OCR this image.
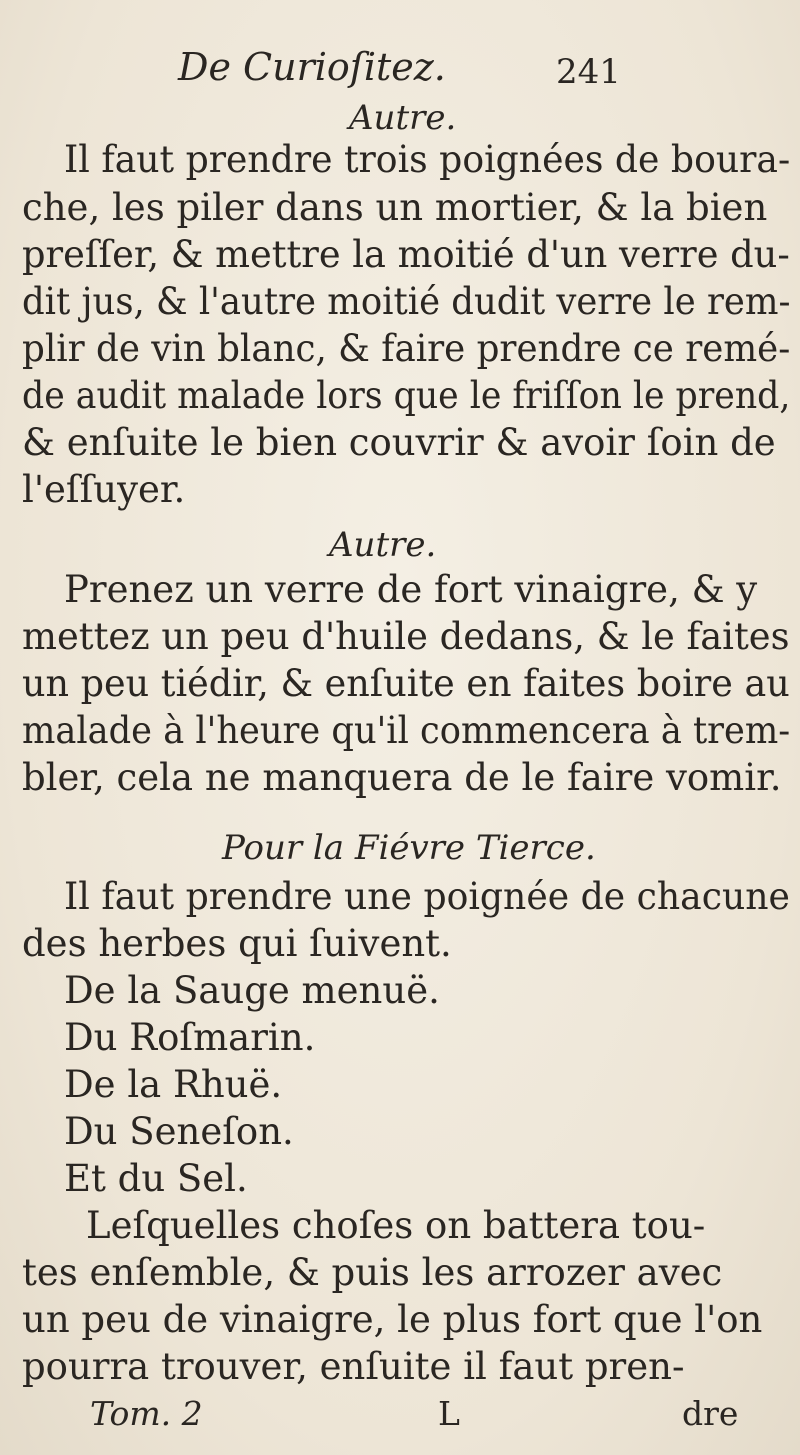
De Curioſitez.	241
Autre.
Il faut prendre trois poignées de boura-
che, les piler dans un mortier, & la bien
preſſer, & mettre la moitié d'un verre du-
dit jus, & l'autre moitié dudit verre le rem-
plir de vin blanc, & faire prendre ce remé-
de audit malade lors que le friſſon le prend,
& enſuite le bien couvrir & avoir ſoin de
l'eſſuyer.
Autre.
Prenez un verre de fort vinaigre, & y
mettez un peu d'huile dedans, & le faites
un peu tiédir, & enſuite en faites boire au
malade à l'heure qu'il commencera à trem-
bler, cela ne manquera de le faire vomir.
Pour la Fiévre Tierce.
Il faut prendre une poignée de chacune
des herbes qui ſuivent.
De la Sauge menuë.
Du Roſmarin.
De la Rhuë.
Du Seneſon.
Et du Sel.
Leſquelles choſes on battera tou-
tes enſemble, & puis les arrozer avec
un peu de vinaigre, le plus fort que l'on
pourra trouver, enſuite il faut pren-
Tom. 2	L	dre
